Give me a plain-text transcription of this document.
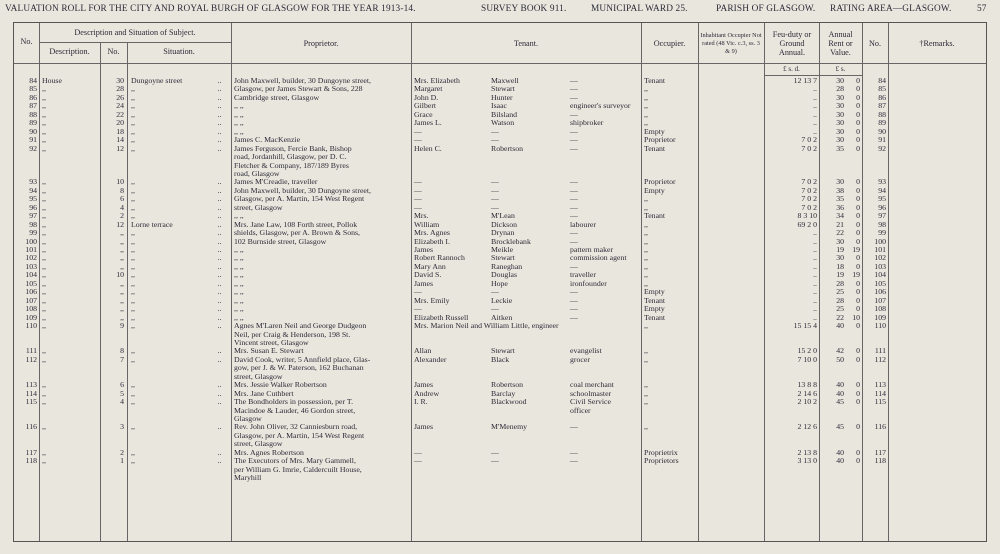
VALUATION ROLL FOR THE CITY AND ROYAL BURGH OF GLASGOW FOR THE YEAR 1913-14.	SURVEY BOOK 911.	MUNICIPAL WARD 25.	PARISH OF GLASGOW. RATING AREA—GLASGOW.	57
No.
Description and Situation of Subject.
Description.	No.	Situation.
Proprietor.	Tenant.	Occupier.
Inhabitant Occupier Not rated (48 Vic. c.3, ss. 3 & 9)
Feu-duty or Ground Annual.
Annual Rent or Value.
No.	†Remarks.
£ s. d.	£ s.
84 House	30 Dungoyne street	..	John Maxwell, builder, 30 Dungoyne street,	Mrs. Elizabeth	Maxwell	—	Tenant	12 13 7	30	0	84
85 ,,	28 ,,	..	Glasgow, per James Stewart & Sons, 228	Margaret	Stewart	—	,,	..	28	0	85
86 ,,	26 ,,	..	Cambridge street, Glasgow	John D.	Hunter	—	,,	..	30	0	86
87 ,,	24 ,,	..	,, ,,	Gilbert	Isaac	engineer's surveyor	,,	..	30	0	87
88 ,,	22 ,,	..	,, ,,	Grace	Bilsland	—	,,	..	30	0	88
89 ,,	20 ,,	..	,, ,,	James L.	Watson	shipbroker	,,	..	30	0	89
90 ,,	18 ,,	..	,, ,,	—	—	—	Empty	..	30	0	90
91 ,,	14 ,,	..	James C. MacKenzie	—	—	—	Proprietor	7 0 2	30	0	91
92 ,,	12 ,,	..	James Ferguson, Fercie Bank, Bishop	Helen C.	Robertson	—	Tenant	7 0 2	35	0	92
road, Jordanhill, Glasgow, per D. C.
Fletcher & Company, 187/189 Byres
road, Glasgow
93 ,,	10 ,,	..	James M'Creadie, traveller	—	—	—	Proprietor	7 0 2	30	0	93
94 ,,	8 ,,	..	John Maxwell, builder, 30 Dungoyne street,	—	—	—	Empty	7 0 2	38	0	94
95 ,,	6 ,,	..	Glasgow, per A. Martin, 154 West Regent	—	—	—	,,	7 0 2	35	0	95
96 ,,	4 ,,	..	street, Glasgow	—	—	—	,,	7 0 2	36	0	96
97 ,,	2 ,,	..	,, ,,	Mrs.	M'Lean	—	Tenant	8 3 10	34	0	97
98 ,,	12 Lorne terrace	..	Mrs. Jane Law, 108 Forth street, Pollok	William	Dickson	labourer	,,	69 2 0	21	0	98
99 ,,	,, ,,	..	shields, Glasgow, per A. Brown & Sons,	Mrs. Agnes	Drynan	—	,,	..	22	0	99
100 ,,	,, ,,	..	102 Burnside street, Glasgow	Elizabeth I.	Brocklebank	—	,,	..	30	0	100
101 ,,	,, ,,	..	,, ,,	James	Meikle	pattern maker	,,	..	19	19	101
102 ,,	,, ,,	..	,, ,,	Robert Rannoch	Stewart	commission agent	,,	..	30	0	102
103 ,,	,, ,,	..	,, ,,	Mary Ann	Raneghan	—	,,	..	18	0	103
104 ,,	10 ,,	..	,, ,,	David S.	Douglas	traveller	,,	..	19	19	104
105 ,,	,, ,,	..	,, ,,	James	Hope	ironfounder	,,	..	28	0	105
106 ,,	,, ,,	..	,, ,,	—	—	—	Empty	..	25	0	106
107 ,,	,, ,,	..	,, ,,	Mrs. Emily	Leckie	—	Tenant	..	28	0	107
108 ,,	,, ,,	..	,, ,,	—	—	—	Empty	..	25	0	108
109 ,,	,, ,,	..	,, ,,	Elizabeth Russell	Aitken	—	Tenant	..	22	10	109
110 ,,	9 ,,	..	Agnes M'Laren Neil and George Dudgeon	Mrs. Marion Neil and William Little, engineer	,,	15 15 4	40	0	110
Neil, per Craig & Henderson, 198 St.
Vincent street, Glasgow
111 ,,	8 ,,	..	Mrs. Susan E. Stewart	Allan	Stewart	evangelist	,,	15 2 0	42	0	111
112 ,,	7 ,,	..	David Cook, writer, 5 Annfield place, Glas-	Alexander	Black	grocer	,,	7 10 0	50	0	112
gow, per J. & W. Paterson, 162 Buchanan
street, Glasgow
113 ,,	6 ,,	..	Mrs. Jessie Walker Robertson	James	Robertson	coal merchant	,,	13 8 8	40	0	113
114 ,,	5 ,,	..	Mrs. Jane Cuthbert	Andrew	Barclay	schoolmaster	,,	2 14 6	40	0	114
115 ,,	4 ,,	..	The Bondholders in possession, per T.	I. R.	Blackwood	Civil Service	,,	2 10 2	45	0	115
Macindoe & Lauder, 46 Gordon street,	officer
Glasgow
116 ,,	3 ,,	..	Rev. John Oliver, 32 Canniesburn road,	James	M'Menemy	—	,,	2 12 6	45	0	116
Glasgow, per A. Martin, 154 West Regent
street, Glasgow
117 ,,	2 ,,	..	Mrs. Agnes Robertson	—	—	—	Proprietrix	2 13 8	40	0	117
118 ,,	1 ,,	..	The Executors of Mrs. Mary Gammell,	—	—	—	Proprietors	3 13 0	40	0	118
per William G. Imrie, Caldercuilt House,
Maryhill
